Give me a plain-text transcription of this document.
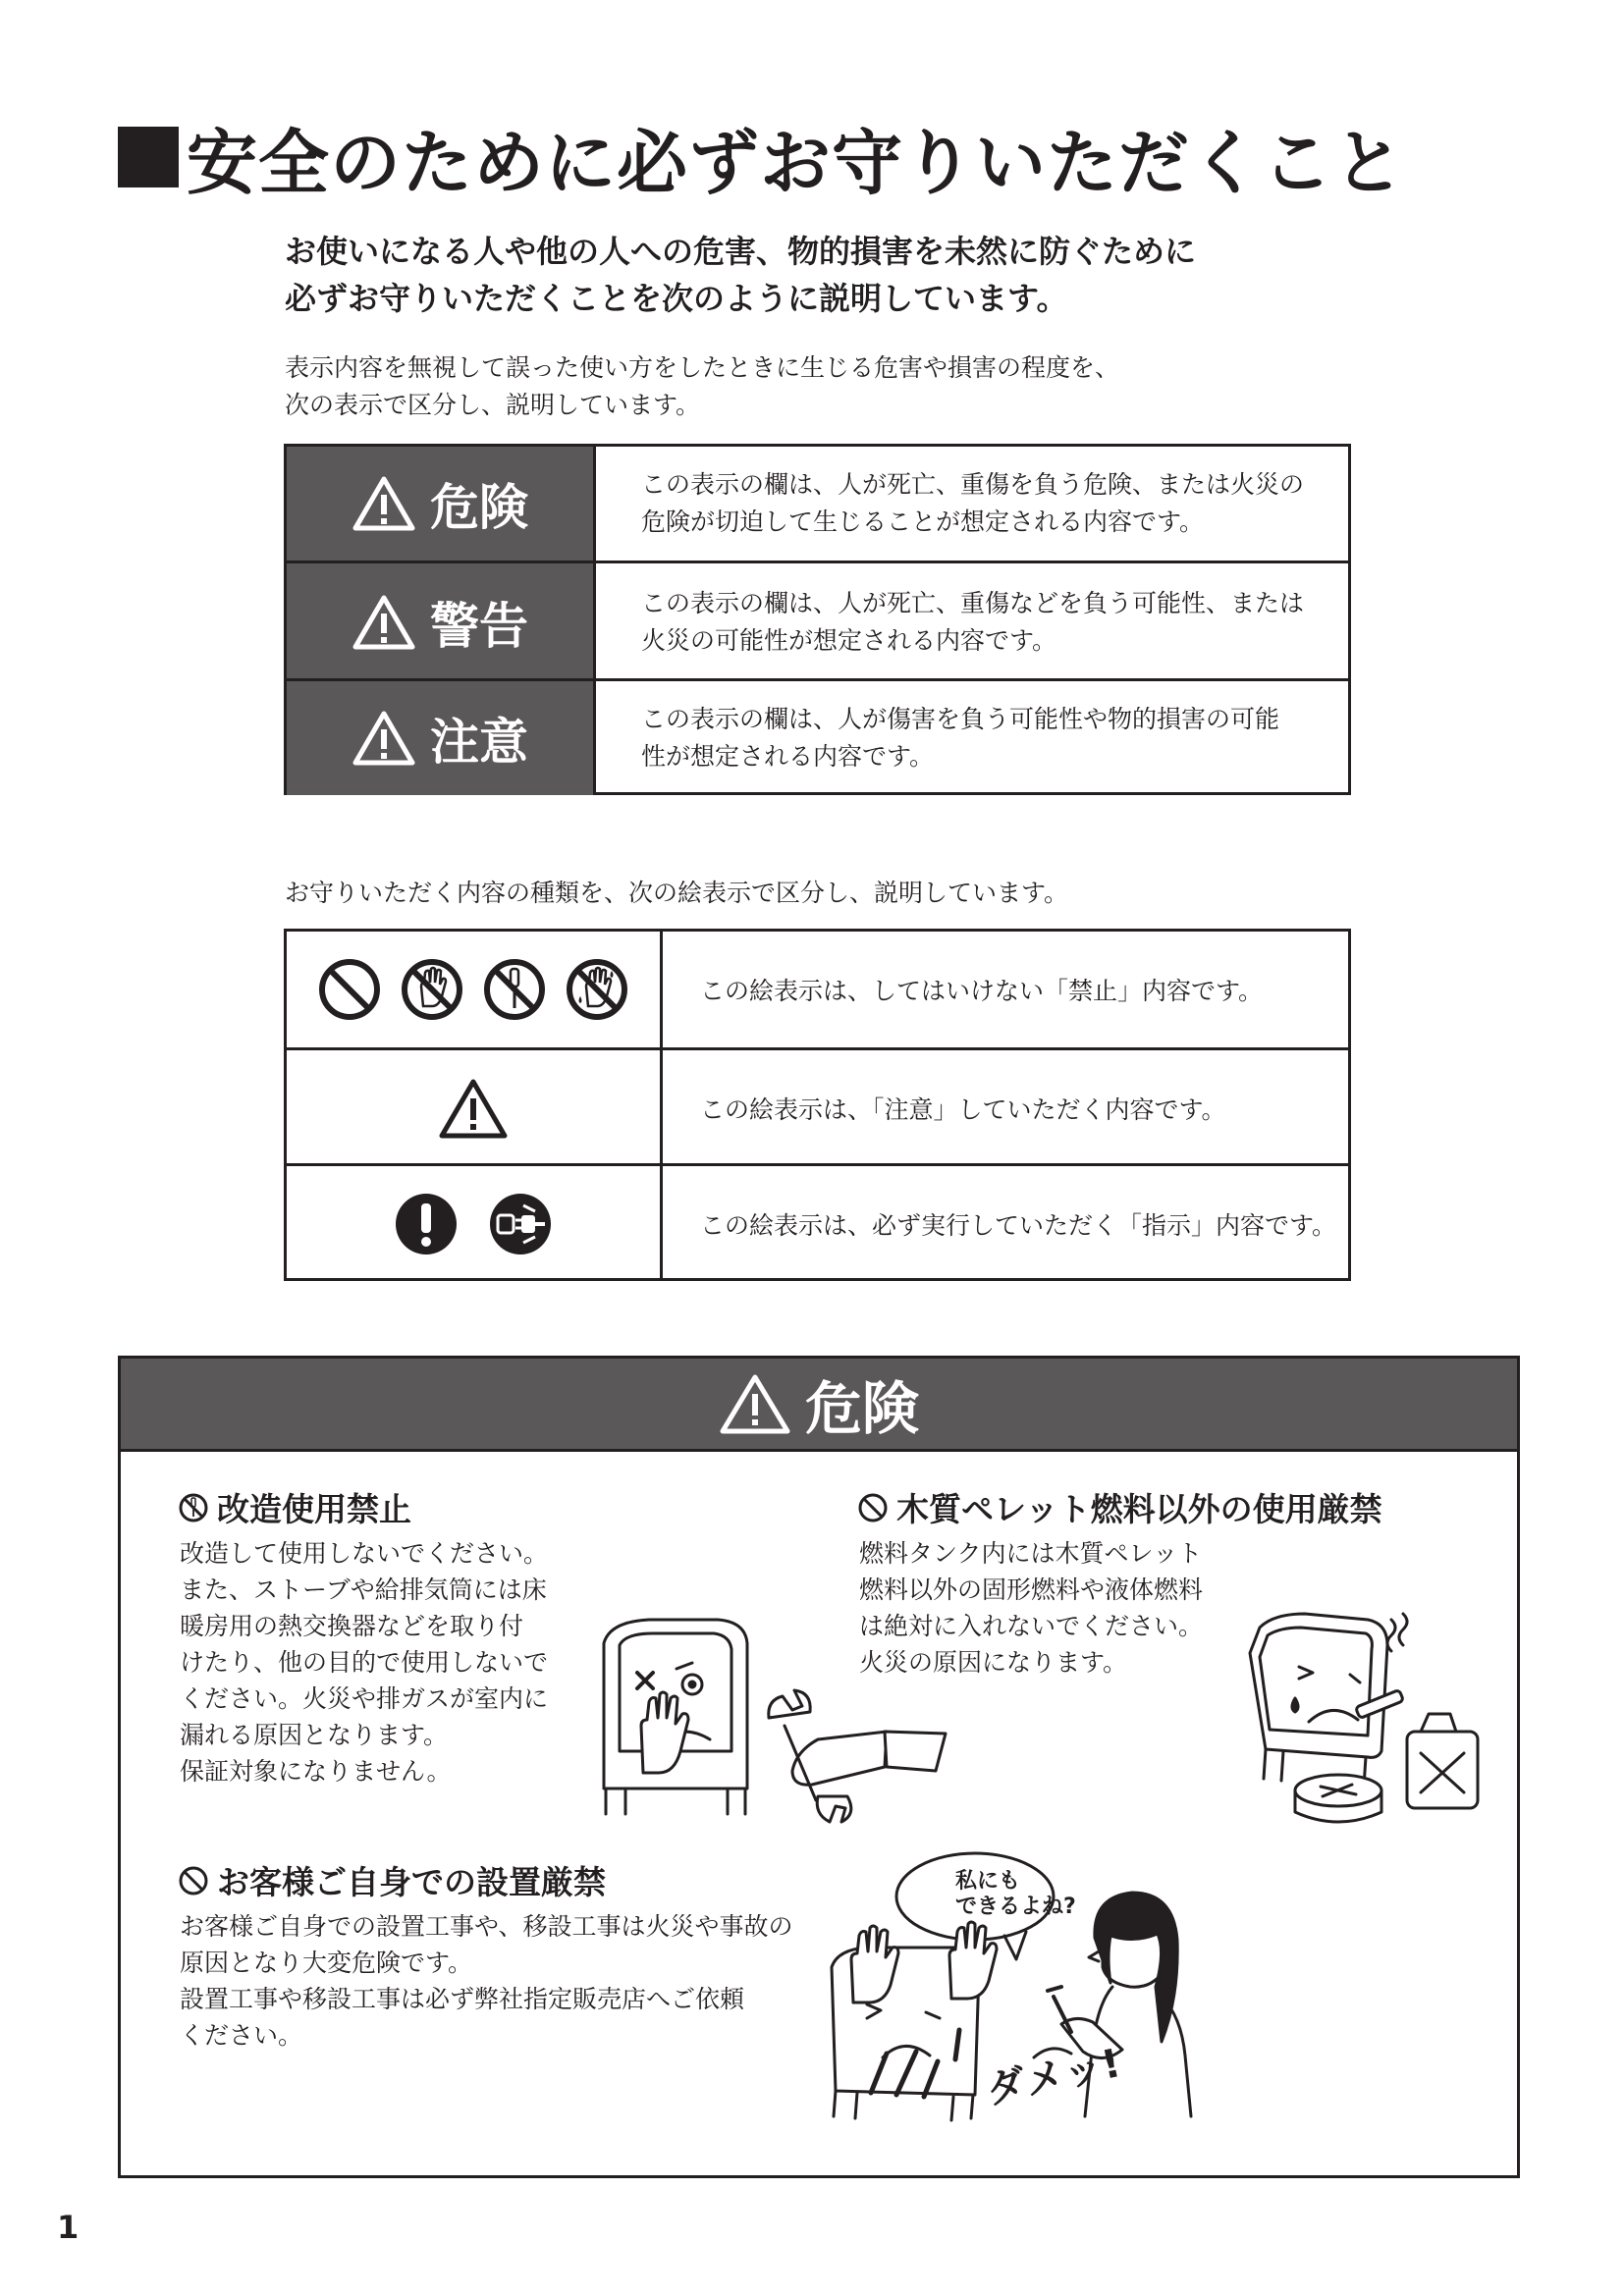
安全のために必ずお守りいただくこと
お使いになる人や他の人への危害、物的損害を未然に防ぐために
必ずお守りいただくことを次のように説明しています。
表示内容を無視して誤った使い方をしたときに生じる危害や損害の程度を、
次の表示で区分し、説明しています。
危険	この表示の欄は、人が死亡、重傷を負う危険、または火災の
危険が切迫して生じることが想定される内容です。
警告	この表示の欄は、人が死亡、重傷などを負う可能性、または
火災の可能性が想定される内容です。
注意	この表示の欄は、人が傷害を負う可能性や物的損害の可能
性が想定される内容です。
お守りいただく内容の種類を、次の絵表示で区分し、説明しています。
この絵表示は、してはいけない「禁止」内容です。
この絵表示は、「注意」していただく内容です。
この絵表示は、必ず実行していただく「指示」内容です。
危険
改造使用禁止
改造して使用しないでください。
また、ストーブや給排気筒には床
暖房用の熱交換器などを取り付
けたり、他の目的で使用しないで
ください。火災や排ガスが室内に
漏れる原因となります。
保証対象になりません。
木質ペレット燃料以外の使用厳禁
燃料タンク内には木質ペレット
燃料以外の固形燃料や液体燃料
は絶対に入れないでください。
火災の原因になります。
お客様ご自身での設置厳禁
お客様ご自身での設置工事や、移設工事は火災や事故の
原因となり大変危険です。
設置工事や移設工事は必ず弊社指定販売店へご依頼
ください。
私にも
できるよね?
ダメッ!
1
